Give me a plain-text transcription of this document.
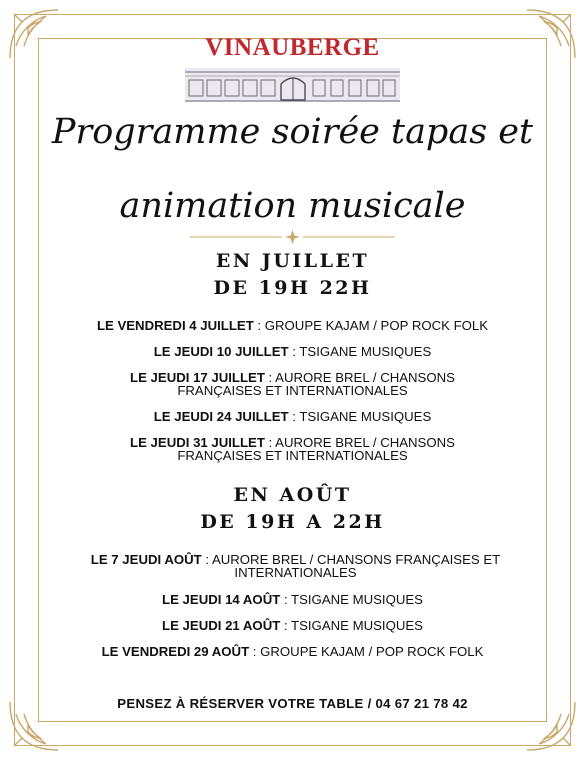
VINAUBERGE
Programme soirée tapas et
animation musicale
EN JUILLET
DE 19H 22H
LE VENDREDI 4 JUILLET : GROUPE KAJAM / POP ROCK FOLK
LE JEUDI 10 JUILLET : TSIGANE MUSIQUES
LE JEUDI 17 JUILLET : AURORE BREL / CHANSONS FRANÇAISES ET INTERNATIONALES
LE JEUDI 24 JUILLET : TSIGANE MUSIQUES
LE JEUDI 31 JUILLET : AURORE BREL / CHANSONS FRANÇAISES ET INTERNATIONALES
EN AOÛT
DE 19H A 22H
LE 7 JEUDI AOÛT : AURORE BREL / CHANSONS FRANÇAISES ET INTERNATIONALES
LE JEUDI 14 AOÛT : TSIGANE MUSIQUES
LE JEUDI 21 AOÛT : TSIGANE MUSIQUES
LE VENDREDI 29 AOÛT : GROUPE KAJAM / POP ROCK FOLK
PENSEZ À RÉSERVER VOTRE TABLE / 04 67 21 78 42
